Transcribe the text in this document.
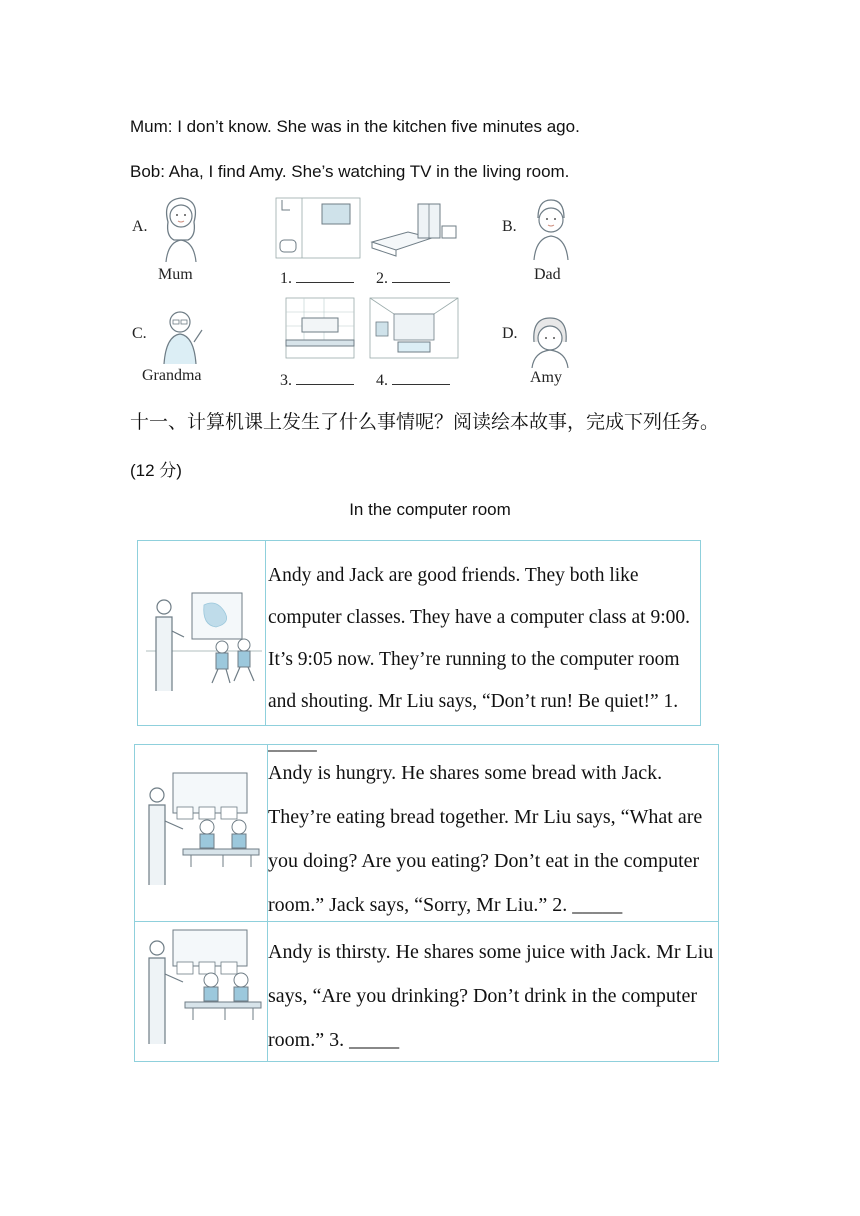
Mum: I don’t know. She was in the kitchen five minutes ago.
Bob: Aha, I find Amy. She’s watching TV in the living room.
A.
Mum	1.	2.
B.
Dad
C.
Grandma	3.	4.
D.
Amy
十一、计算机课上发生了什么事情呢？阅读绘本故事，完成下列任务。
(12 分)
In the computer room
Andy and Jack are good friends. They both like computer classes. They have a computer class at 9:00. It’s 9:05 now. They’re running to the computer room and shouting. Mr Liu says, “Don’t run! Be quiet!” 1. _____
Andy is hungry. He shares some bread with Jack. They’re eating bread together. Mr Liu says, “What are you doing? Are you eating? Don’t eat in the computer room.” Jack says, “Sorry, Mr Liu.” 2. _____
Andy is thirsty. He shares some juice with Jack. Mr Liu says, “Are you drinking? Don’t drink in the computer room.” 3. _____
